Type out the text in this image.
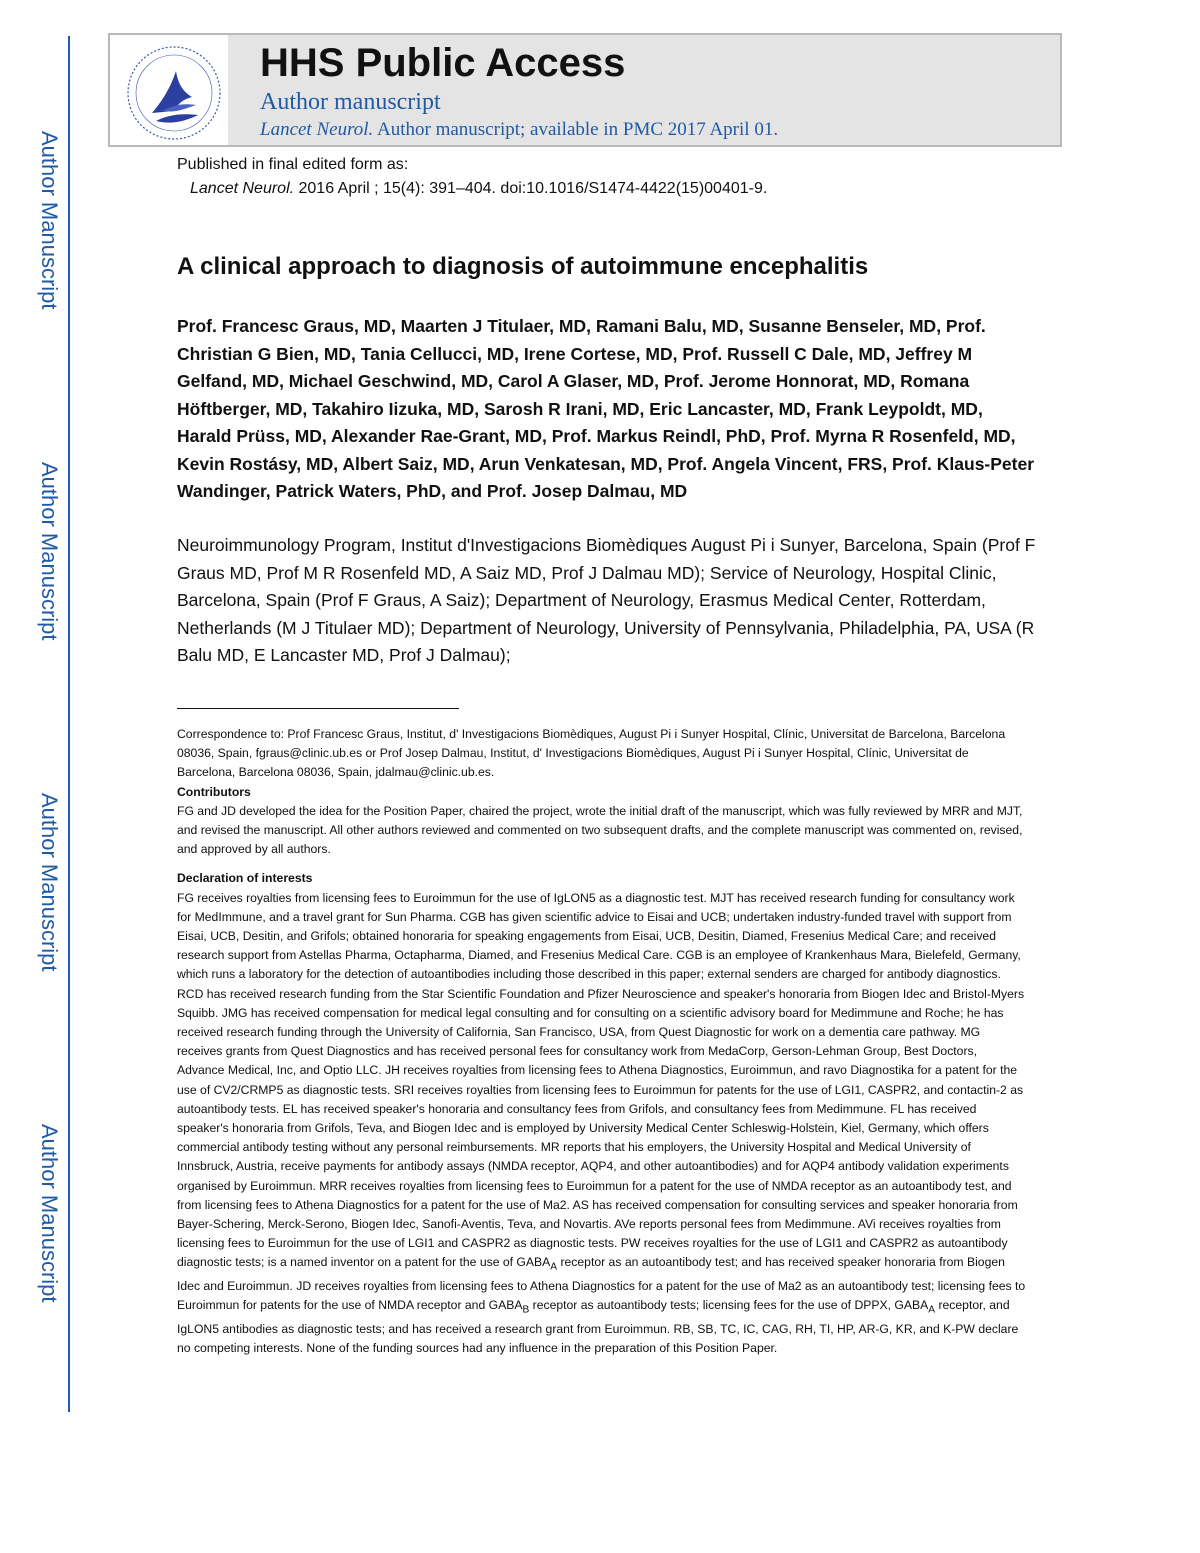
Author Manuscript
Author Manuscript
Author Manuscript
Author Manuscript
HHS Public Access
Author manuscript
Lancet Neurol. Author manuscript; available in PMC 2017 April 01.
Published in final edited form as:
Lancet Neurol. 2016 April ; 15(4): 391–404. doi:10.1016/S1474-4422(15)00401-9.
A clinical approach to diagnosis of autoimmune encephalitis
Prof. Francesc Graus, MD, Maarten J Titulaer, MD, Ramani Balu, MD, Susanne Benseler, MD, Prof. Christian G Bien, MD, Tania Cellucci, MD, Irene Cortese, MD, Prof. Russell C Dale, MD, Jeffrey M Gelfand, MD, Michael Geschwind, MD, Carol A Glaser, MD, Prof. Jerome Honnorat, MD, Romana Höftberger, MD, Takahiro Iizuka, MD, Sarosh R Irani, MD, Eric Lancaster, MD, Frank Leypoldt, MD, Harald Prüss, MD, Alexander Rae-Grant, MD, Prof. Markus Reindl, PhD, Prof. Myrna R Rosenfeld, MD, Kevin Rostásy, MD, Albert Saiz, MD, Arun Venkatesan, MD, Prof. Angela Vincent, FRS, Prof. Klaus-Peter Wandinger, Patrick Waters, PhD, and Prof. Josep Dalmau, MD
Neuroimmunology Program, Institut d'Investigacions Biomèdiques August Pi i Sunyer, Barcelona, Spain (Prof F Graus MD, Prof M R Rosenfeld MD, A Saiz MD, Prof J Dalmau MD); Service of Neurology, Hospital Clinic, Barcelona, Spain (Prof F Graus, A Saiz); Department of Neurology, Erasmus Medical Center, Rotterdam, Netherlands (M J Titulaer MD); Department of Neurology, University of Pennsylvania, Philadelphia, PA, USA (R Balu MD, E Lancaster MD, Prof J Dalmau);

Correspondence to: Prof Francesc Graus, Institut, d' Investigacions Biomèdiques, August Pi i Sunyer Hospital, Clínic, Universitat de Barcelona, Barcelona 08036, Spain, fgraus@clinic.ub.es or Prof Josep Dalmau, Institut, d' Investigacions Biomèdiques, August Pi i Sunyer Hospital, Clínic, Universitat de Barcelona, Barcelona 08036, Spain, jdalmau@clinic.ub.es.

Contributors

FG and JD developed the idea for the Position Paper, chaired the project, wrote the initial draft of the manuscript, which was fully reviewed by MRR and MJT, and revised the manuscript. All other authors reviewed and commented on two subsequent drafts, and the complete manuscript was commented on, revised, and approved by all authors.

Declaration of interests

FG receives royalties from licensing fees to Euroimmun for the use of IgLON5 as a diagnostic test. MJT has received research funding for consultancy work for MedImmune, and a travel grant for Sun Pharma. CGB has given scientific advice to Eisai and UCB; undertaken industry-funded travel with support from Eisai, UCB, Desitin, and Grifols; obtained honoraria for speaking engagements from Eisai, UCB, Desitin, Diamed, Fresenius Medical Care; and received research support from Astellas Pharma, Octapharma, Diamed, and Fresenius Medical Care. CGB is an employee of Krankenhaus Mara, Bielefeld, Germany, which runs a laboratory for the detection of autoantibodies including those described in this paper; external senders are charged for antibody diagnostics. RCD has received research funding from the Star Scientific Foundation and Pfizer Neuroscience and speaker's honoraria from Biogen Idec and Bristol-Myers Squibb. JMG has received compensation for medical legal consulting and for consulting on a scientific advisory board for Medimmune and Roche; he has received research funding through the University of California, San Francisco, USA, from Quest Diagnostic for work on a dementia care pathway. MG receives grants from Quest Diagnostics and has received personal fees for consultancy work from MedaCorp, Gerson-Lehman Group, Best Doctors, Advance Medical, Inc, and Optio LLC. JH receives royalties from licensing fees to Athena Diagnostics, Euroimmun, and ravo Diagnostika for a patent for the use of CV2/CRMP5 as diagnostic tests. SRI receives royalties from licensing fees to Euroimmun for patents for the use of LGI1, CASPR2, and contactin-2 as autoantibody tests. EL has received speaker's honoraria and consultancy fees from Grifols, and consultancy fees from Medimmune. FL has received speaker's honoraria from Grifols, Teva, and Biogen Idec and is employed by University Medical Center Schleswig-Holstein, Kiel, Germany, which offers commercial antibody testing without any personal reimbursements. MR reports that his employers, the University Hospital and Medical University of Innsbruck, Austria, receive payments for antibody assays (NMDA receptor, AQP4, and other autoantibodies) and for AQP4 antibody validation experiments organised by Euroimmun. MRR receives royalties from licensing fees to Euroimmun for a patent for the use of NMDA receptor as an autoantibody test, and from licensing fees to Athena Diagnostics for a patent for the use of Ma2. AS has received compensation for consulting services and speaker honoraria from Bayer-Schering, Merck-Serono, Biogen Idec, Sanofi-Aventis, Teva, and Novartis. AVe reports personal fees from Medimmune. AVi receives royalties from licensing fees to Euroimmun for the use of LGI1 and CASPR2 as diagnostic tests. PW receives royalties for the use of LGI1 and CASPR2 as autoantibody diagnostic tests; is a named inventor on a patent for the use of $GABA_A$ receptor as an autoantibody test; and has received speaker honoraria from Biogen Idec and Euroimmun. JD receives royalties from licensing fees to Athena Diagnostics for a patent for the use of Ma2 as an autoantibody test; licensing fees to Euroimmun for patents for the use of NMDA receptor and $GABA_B$ receptor as autoantibody tests; licensing fees for the use of DPPX, $GABA_A$ receptor, and IgLON5 antibodies as diagnostic tests; and has received a research grant from Euroimmun. RB, SB, TC, IC, CAG, RH, TI, HP, AR-G, KR, and K-PW declare no competing interests. None of the funding sources had any influence in the preparation of this Position Paper.
